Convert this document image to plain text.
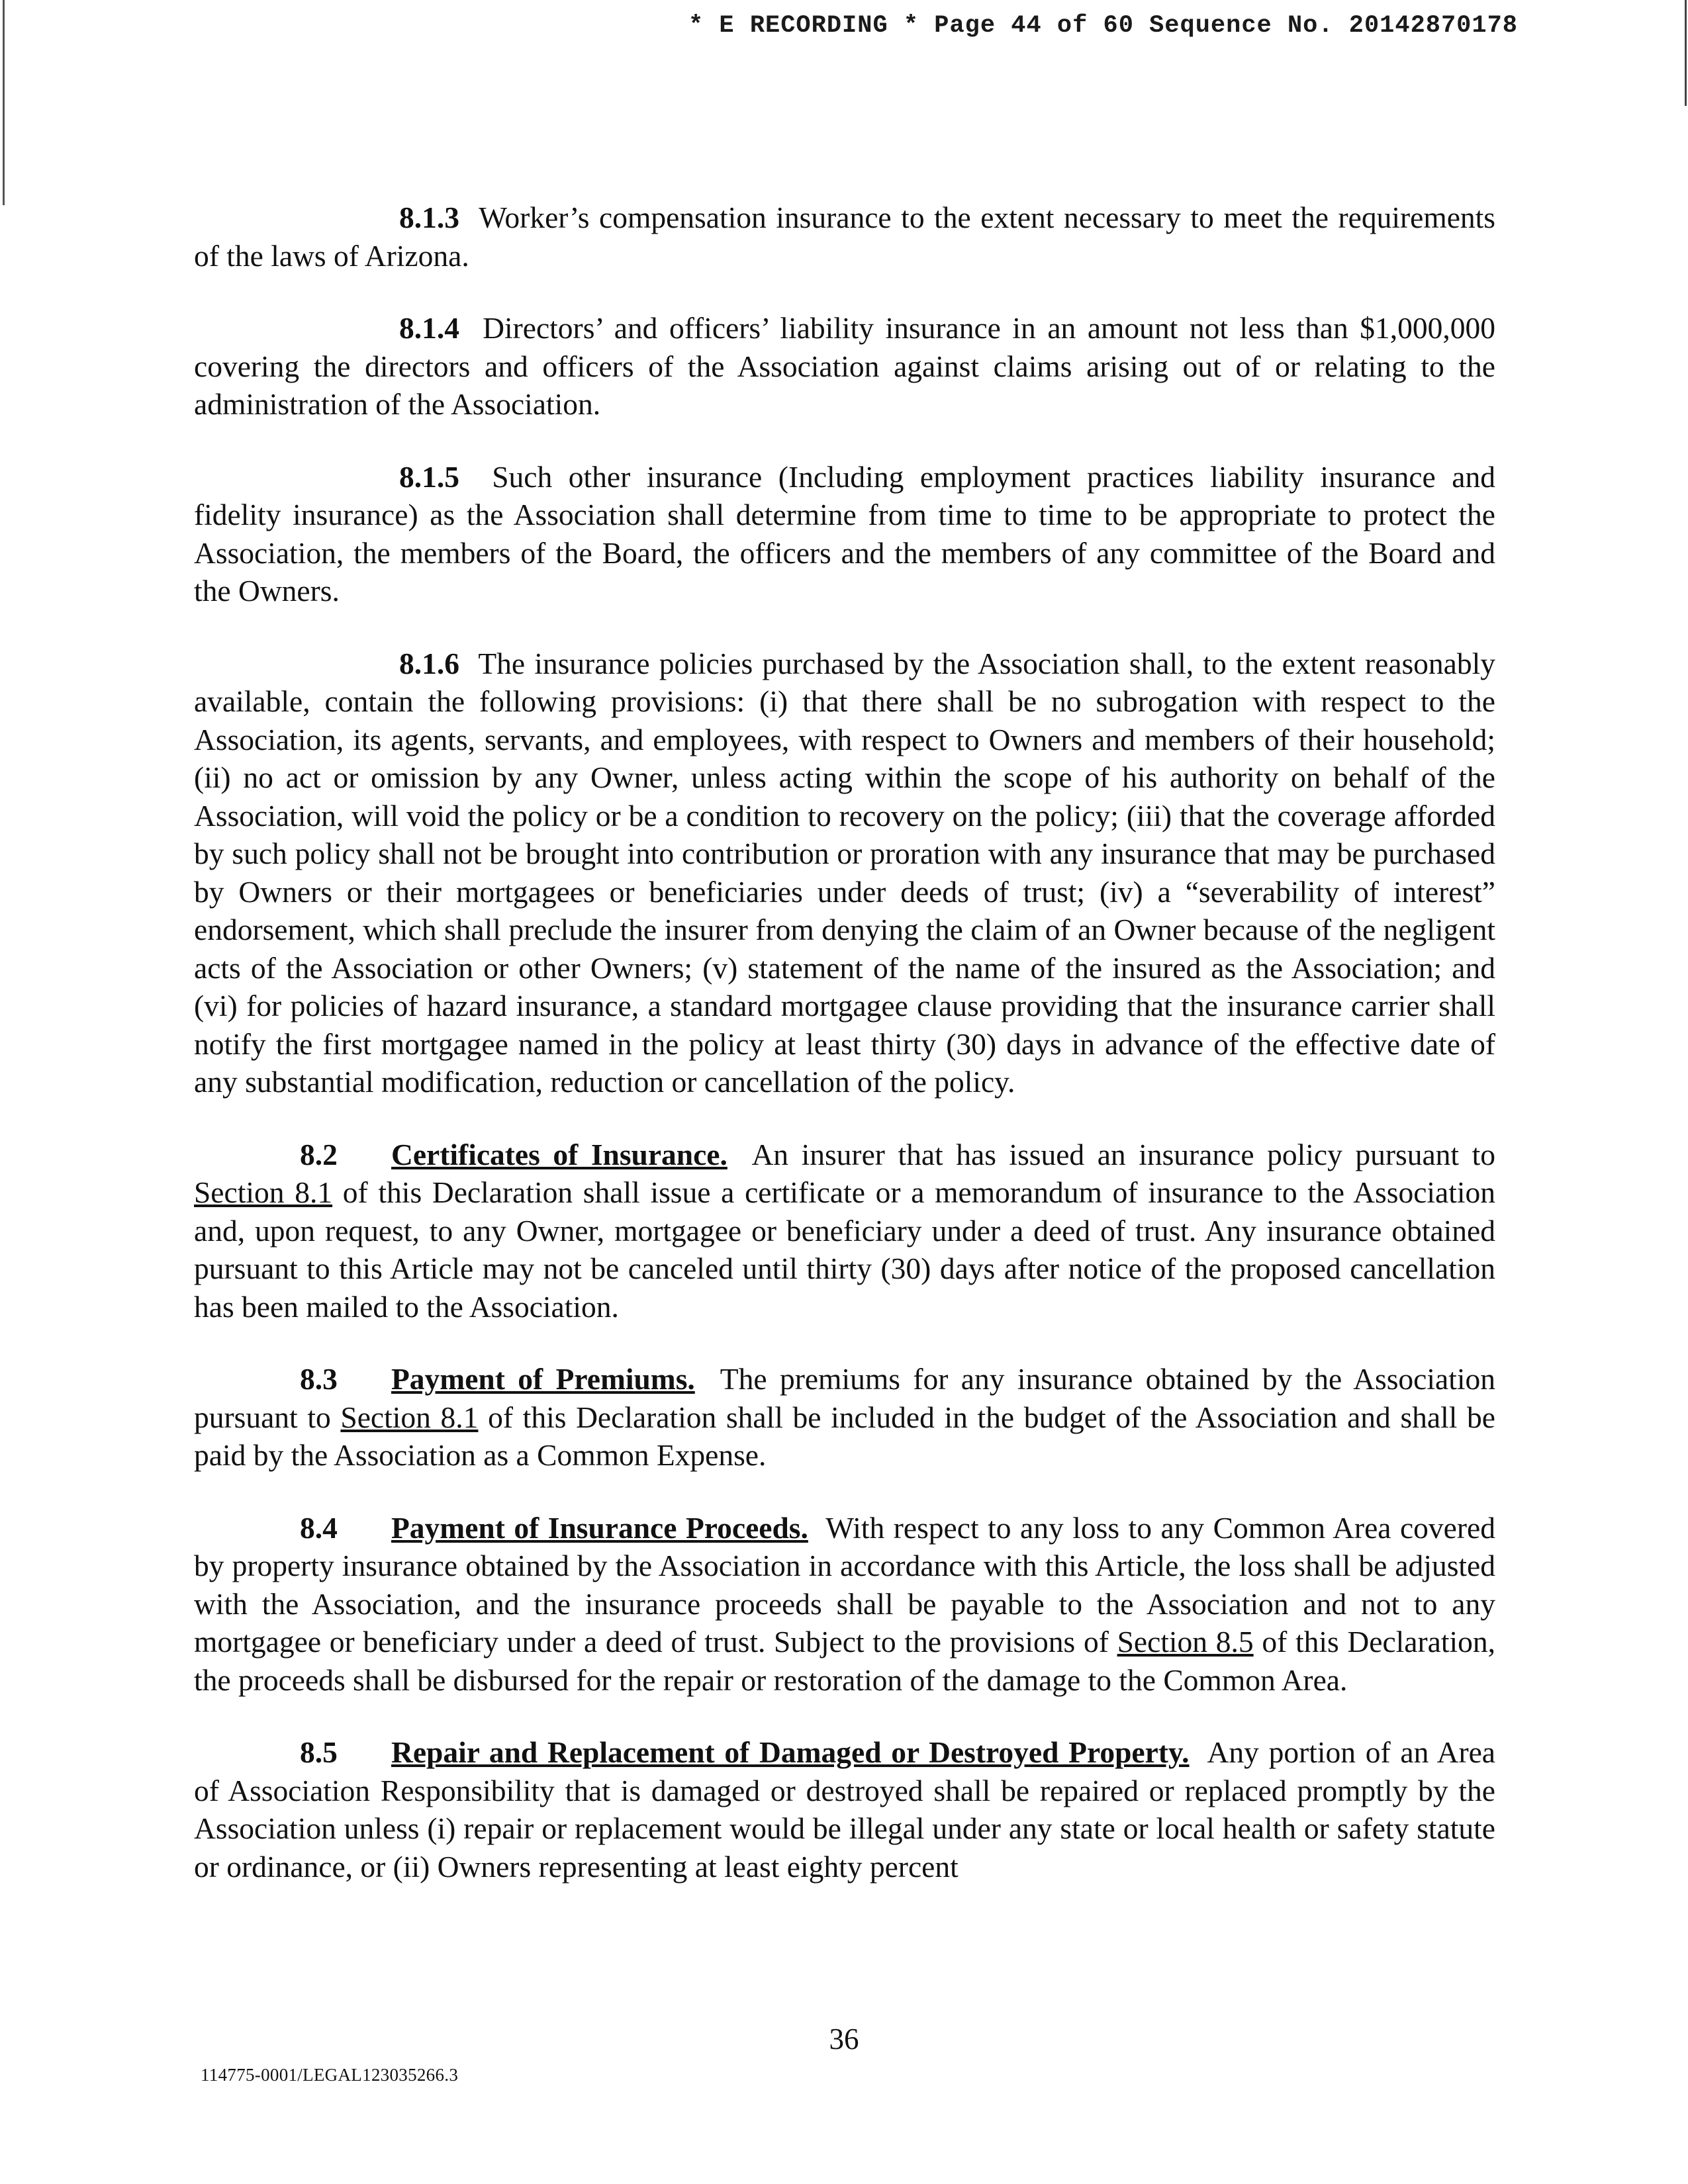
* E RECORDING * Page 44 of 60 Sequence No. 20142870178

8.1.3 Worker’s compensation insurance to the extent necessary to meet the requirements of the laws of Arizona.

8.1.4 Directors’ and officers’ liability insurance in an amount not less than $1,000,000 covering the directors and officers of the Association against claims arising out of or relating to the administration of the Association.

8.1.5 Such other insurance (Including employment practices liability insurance and fidelity insurance) as the Association shall determine from time to time to be appropriate to protect the Association, the members of the Board, the officers and the members of any committee of the Board and the Owners.

8.1.6 The insurance policies purchased by the Association shall, to the extent reasonably available, contain the following provisions: (i) that there shall be no subrogation with respect to the Association, its agents, servants, and employees, with respect to Owners and members of their household; (ii) no act or omission by any Owner, unless acting within the scope of his authority on behalf of the Association, will void the policy or be a condition to recovery on the policy; (iii) that the coverage afforded by such policy shall not be brought into contribution or proration with any insurance that may be purchased by Owners or their mortgagees or beneficiaries under deeds of trust; (iv) a “severability of interest” endorsement, which shall preclude the insurer from denying the claim of an Owner because of the negligent acts of the Association or other Owners; (v) statement of the name of the insured as the Association; and (vi) for policies of hazard insurance, a standard mortgagee clause providing that the insurance carrier shall notify the first mortgagee named in the policy at least thirty (30) days in advance of the effective date of any substantial modification, reduction or cancellation of the policy.

8.2 Certificates of Insurance. An insurer that has issued an insurance policy pursuant to Section 8.1 of this Declaration shall issue a certificate or a memorandum of insurance to the Association and, upon request, to any Owner, mortgagee or beneficiary under a deed of trust. Any insurance obtained pursuant to this Article may not be canceled until thirty (30) days after notice of the proposed cancellation has been mailed to the Association.

8.3 Payment of Premiums. The premiums for any insurance obtained by the Association pursuant to Section 8.1 of this Declaration shall be included in the budget of the Association and shall be paid by the Association as a Common Expense.

8.4 Payment of Insurance Proceeds. With respect to any loss to any Common Area covered by property insurance obtained by the Association in accordance with this Article, the loss shall be adjusted with the Association, and the insurance proceeds shall be payable to the Association and not to any mortgagee or beneficiary under a deed of trust. Subject to the provisions of Section 8.5 of this Declaration, the proceeds shall be disbursed for the repair or restoration of the damage to the Common Area.

8.5 Repair and Replacement of Damaged or Destroyed Property. Any portion of an Area of Association Responsibility that is damaged or destroyed shall be repaired or replaced promptly by the Association unless (i) repair or replacement would be illegal under any state or local health or safety statute or ordinance, or (ii) Owners representing at least eighty percent

36
114775-0001/LEGAL123035266.3
